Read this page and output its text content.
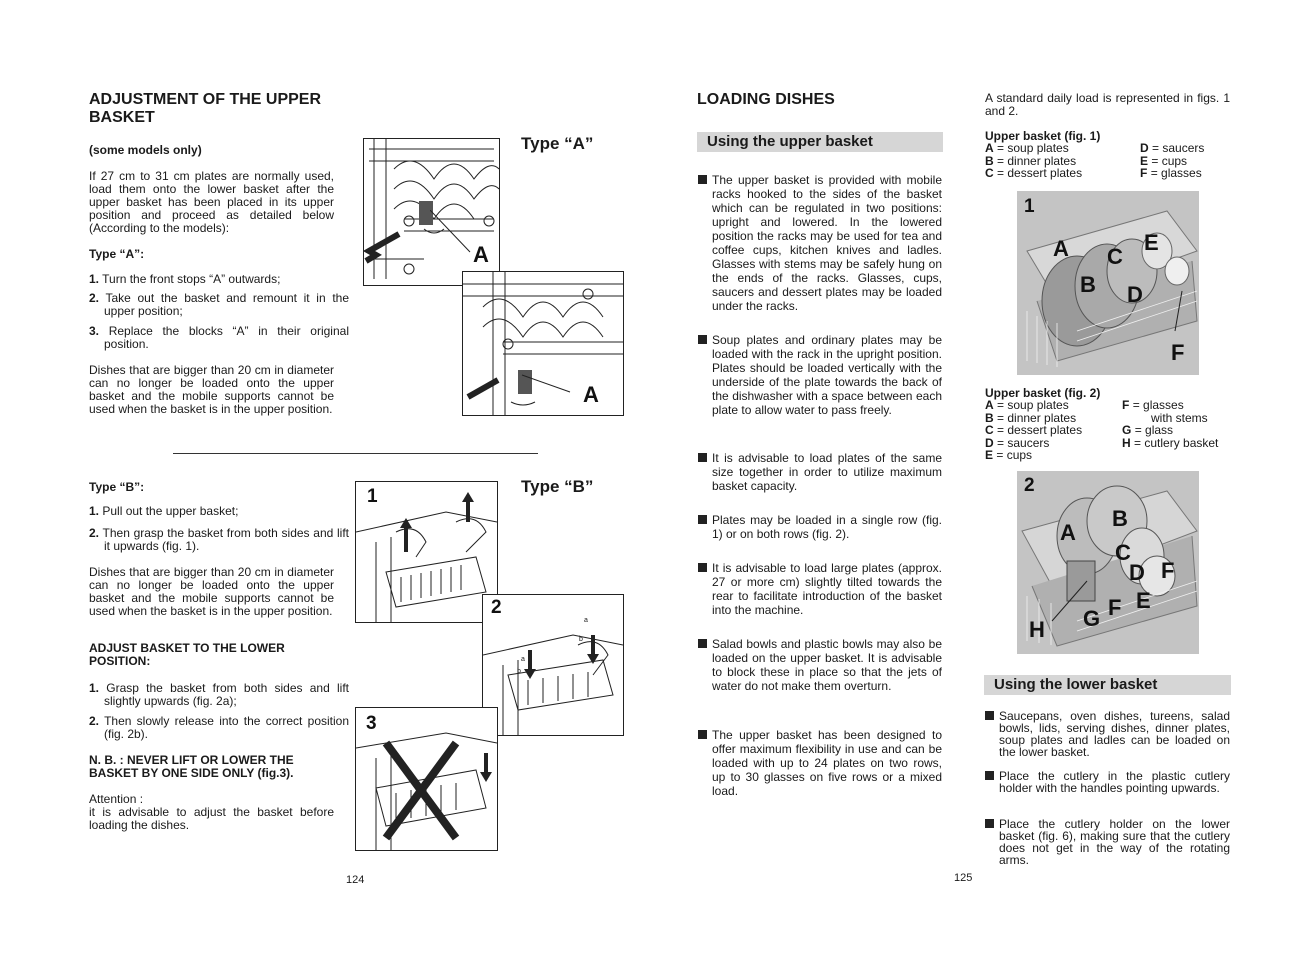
ADJUSTMENT OF THE UPPER BASKET
(some models only)
If 27 cm to 31 cm plates are normally used, load them onto the lower basket after the upper basket has been placed in its upper position and proceed as detailed below (According to the models):
Type “A”:
1. Turn the front stops “A” outwards;
2. Take out the basket and remount it in the upper position;
3. Replace the blocks “A” in their original position.
Dishes that are bigger than 20 cm in diameter can no longer be loaded onto the upper basket and the mobile supports cannot be used when the basket is in the upper position.
Type “B”:
1. Pull out the upper basket;
2. Then grasp the basket from both sides and lift it upwards (fig. 1).
Dishes that are bigger than 20 cm in diameter can no longer be loaded onto the upper basket and the mobile supports cannot be used when the basket is in the upper position.
ADJUST BASKET TO THE LOWER POSITION:
1. Grasp the basket from both sides and lift slightly upwards (fig. 2a);
2. Then slowly release into the correct position (fig. 2b).
N. B. : NEVER LIFT OR LOWER THE BASKET BY ONE SIDE ONLY (fig.3).
Attention :
it is advisable to adjust the basket before loading the dishes.
Type “A”
A
A
Type “B”
1
2
3
a
b
a
b
124
LOADING DISHES
Using the upper basket
The upper basket is provided with mobile racks hooked to the sides of the basket which can be regulated in two positions: upright and lowered. In the lowered position the racks may be used for tea and coffee cups, kitchen knives and ladles. Glasses with stems may be safely hung on the ends of the racks. Glasses, cups, saucers and dessert plates may be loaded under the racks.
Soup plates and ordinary plates may be loaded with the rack in the upright position. Plates should be loaded vertically with the underside of the plate towards the back of the dishwasher with a space between each plate to allow water to pass freely.
It is advisable to load plates of the same size together in order to utilize maximum basket capacity.
Plates may be loaded in a single row (fig. 1) or on both rows (fig. 2).
It is advisable to load large plates (approx. 27 or more cm) slightly tilted towards the rear to facilitate introduction of the basket into the machine.
Salad bowls and plastic bowls may also be loaded on the upper basket. It is advisable to block these in place so that the jets of water do not make them overturn.
The upper basket has been designed to offer maximum flexibility in use and can be loaded with up to 24 plates on two rows, up to 30 glasses on five rows or a mixed load.
125
A standard daily load is represented in figs. 1 and 2.
Upper basket (fig. 1)
A = soup plates
B = dinner plates
C = dessert plates
D = saucers
E = cups
F = glasses
1
A
B
C
D
E
F
Upper basket (fig. 2)
A = soup plates
B = dinner plates
C = dessert plates
D = saucers
E = cups
F = glasses
with stems
G = glass
H = cutlery basket
2
A
B
C
D F
E
F
G
H
Using the lower basket
Saucepans, oven dishes, tureens, salad bowls, lids, serving dishes, dinner plates, soup plates and ladles can be loaded on the lower basket.
Place the cutlery in the plastic cutlery holder with the handles pointing upwards.
Place the cutlery holder on the lower basket (fig. 6), making sure that the cutlery does not get in the way of the rotating arms.
